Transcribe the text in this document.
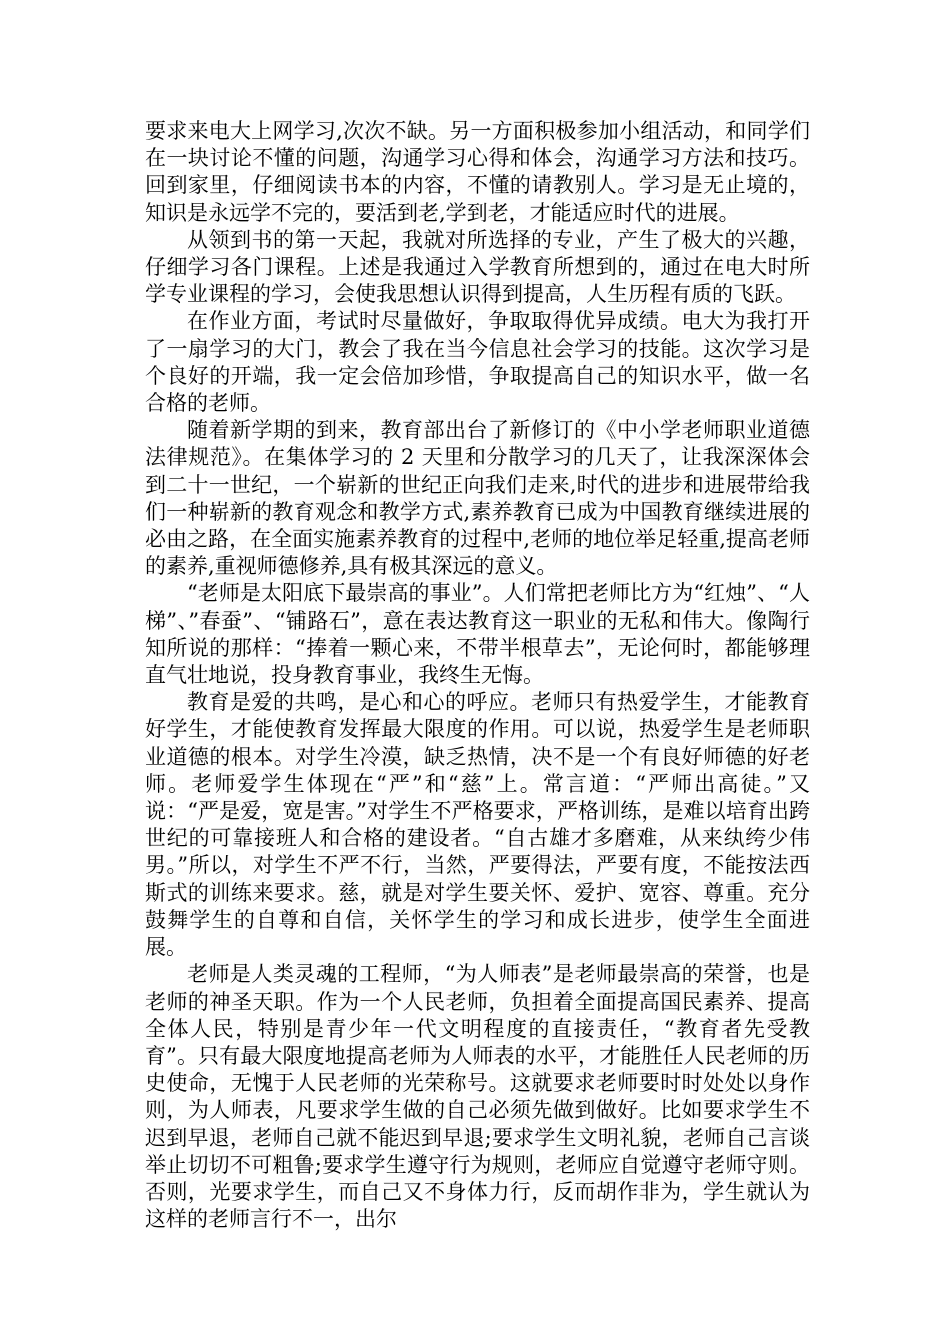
要求来电大上网学习,次次不缺。另一方面积极参加小组活动，和同学们在一块讨论不懂的问题，沟通学习心得和体会，沟通学习方法和技巧。回到家里，仔细阅读书本的内容，不懂的请教别人。学习是无止境的，知识是永远学不完的，要活到老,学到老，才能适应时代的进展。

从领到书的第一天起，我就对所选择的专业，产生了极大的兴趣，仔细学习各门课程。上述是我通过入学教育所想到的，通过在电大时所学专业课程的学习，会使我思想认识得到提高，人生历程有质的飞跃。

在作业方面，考试时尽量做好，争取取得优异成绩。电大为我打开了一扇学习的大门，教会了我在当今信息社会学习的技能。这次学习是个良好的开端，我一定会倍加珍惜，争取提高自己的知识水平，做一名合格的老师。

随着新学期的到来，教育部出台了新修订的《中小学老师职业道德法律规范》。在集体学习的 2 天里和分散学习的几天了，让我深深体会到二十一世纪，一个崭新的世纪正向我们走来,时代的进步和进展带给我们一种崭新的教育观念和教学方式,素养教育已成为中国教育继续进展的必由之路，在全面实施素养教育的过程中,老师的地位举足轻重,提高老师的素养,重视师德修养,具有极其深远的意义。

“老师是太阳底下最崇高的事业”。人们常把老师比方为“红烛”、“人梯”、”春蚕”、“铺路石”，意在表达教育这一职业的无私和伟大。像陶行知所说的那样：“捧着一颗心来，不带半根草去”，无论何时，都能够理直气壮地说，投身教育事业，我终生无悔。

教育是爱的共鸣，是心和心的呼应。老师只有热爱学生，才能教育好学生，才能使教育发挥最大限度的作用。可以说，热爱学生是老师职业道德的根本。对学生冷漠，缺乏热情，决不是一个有良好师德的好老师。老师爱学生体现在“严”和“慈”上。常言道：“严师出高徒。”又说：“严是爱，宽是害。”对学生不严格要求，严格训练，是难以培育出跨世纪的可靠接班人和合格的建设者。“自古雄才多磨难，从来纨绔少伟男。”所以，对学生不严不行，当然，严要得法，严要有度，不能按法西斯式的训练来要求。慈，就是对学生要关怀、爱护、宽容、尊重。充分鼓舞学生的自尊和自信，关怀学生的学习和成长进步，使学生全面进展。

老师是人类灵魂的工程师，“为人师表”是老师最崇高的荣誉，也是老师的神圣天职。作为一个人民老师，负担着全面提高国民素养、提高全体人民，特别是青少年一代文明程度的直接责任，“教育者先受教育”。只有最大限度地提高老师为人师表的水平，才能胜任人民老师的历史使命，无愧于人民老师的光荣称号。这就要求老师要时时处处以身作则，为人师表，凡要求学生做的自己必须先做到做好。比如要求学生不迟到早退，老师自己就不能迟到早退;要求学生文明礼貌，老师自己言谈举止切切不可粗鲁;要求学生遵守行为规则，老师应自觉遵守老师守则。否则，光要求学生，而自己又不身体力行，反而胡作非为，学生就认为这样的老师言行不一，出尔
